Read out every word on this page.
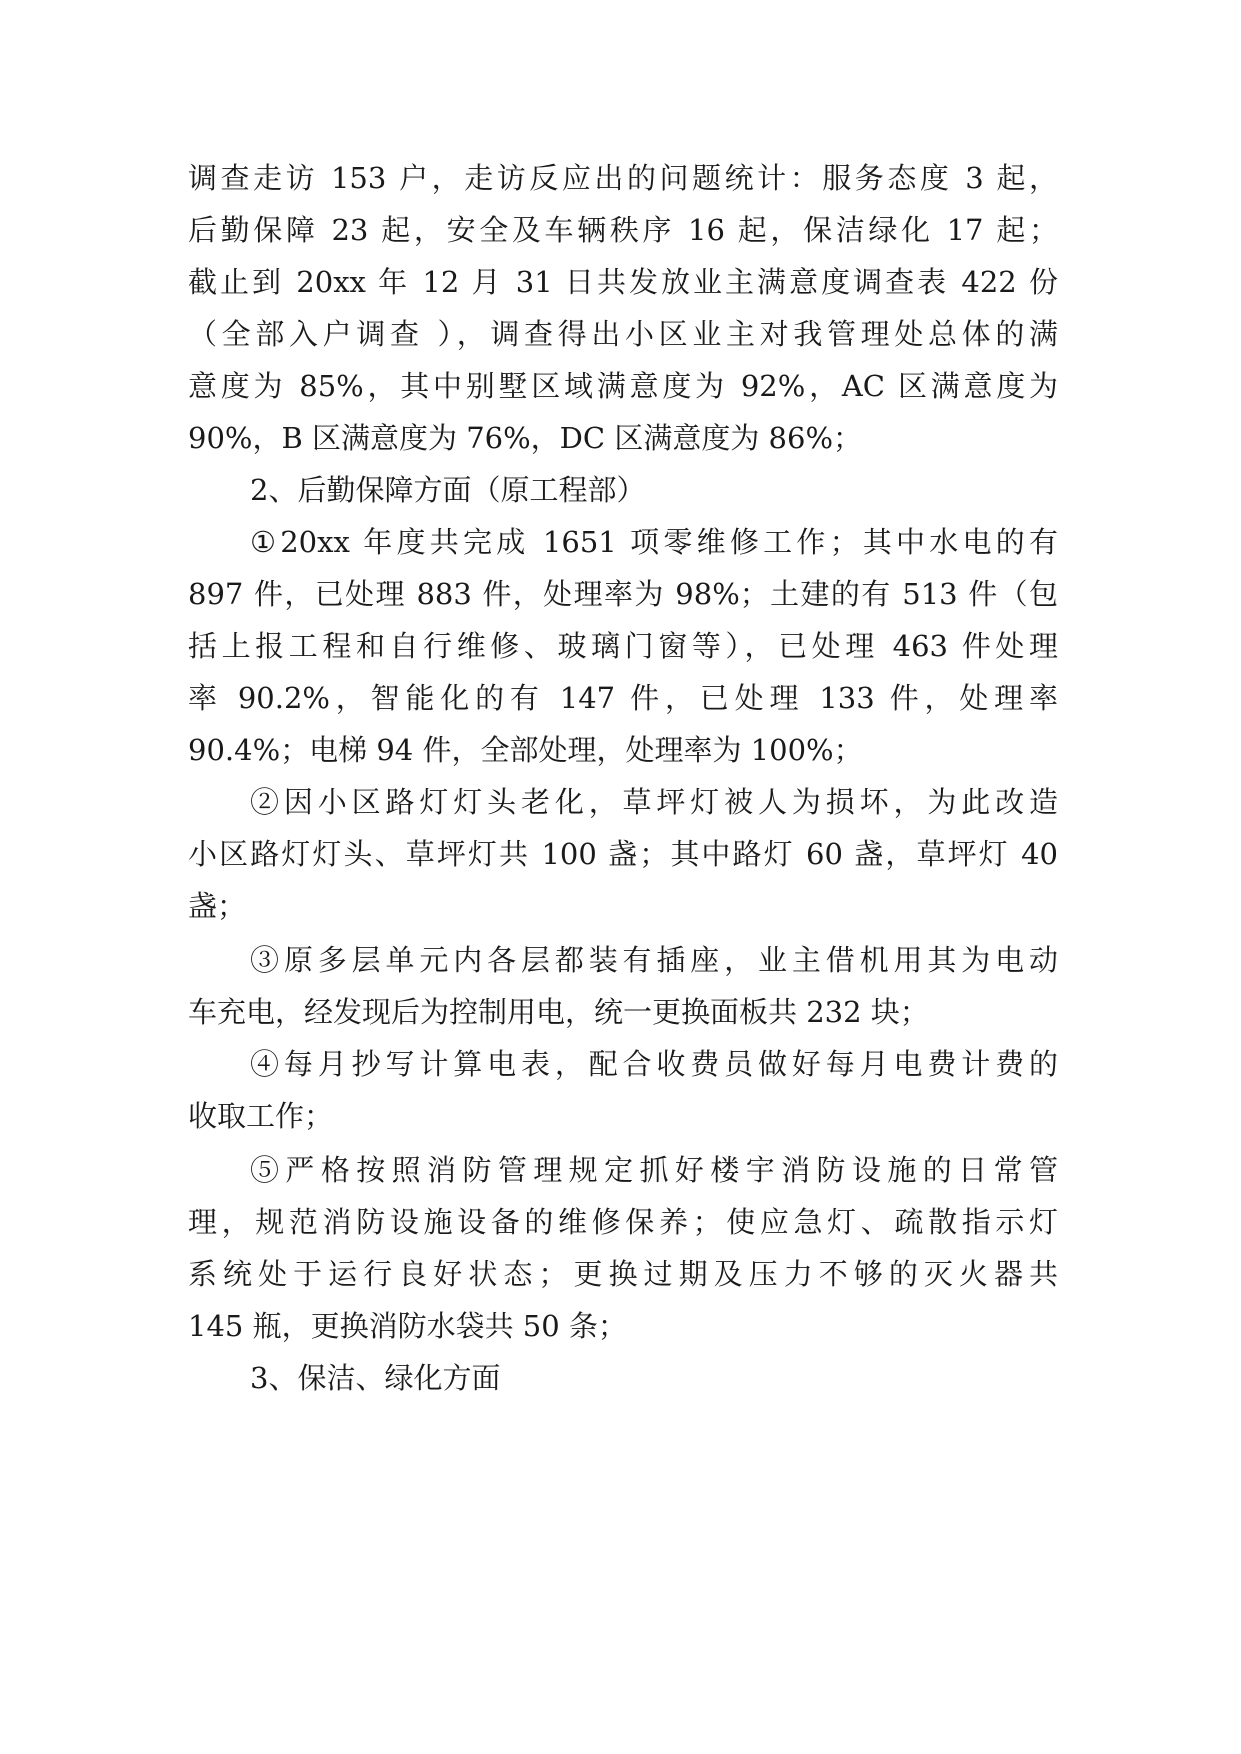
调查走访 153 户，走访反应出的问题统计：服务态度 3 起，
后勤保障 23 起，安全及车辆秩序 16 起，保洁绿化 17 起；
截止到 20xx 年 12 月 31 日共发放业主满意度调查表 422 份
（全部入户调查 ），调查得出小区业主对我管理处总体的满
意度为 85%，其中别墅区域满意度为 92%，AC 区满意度为
90%，B 区满意度为 76%，DC 区满意度为 86%；
2、后勤保障方面（原工程部）
①20xx 年度共完成 1651 项零维修工作；其中水电的有
897 件，已处理 883 件，处理率为 98%；土建的有 513 件（包
括上报工程和自行维修、玻璃门窗等），已处理 463 件处理
率 90.2%，智能化的有 147 件，已处理 133 件，处理率
90.4%；电梯 94 件，全部处理，处理率为 100%；
②因小区路灯灯头老化，草坪灯被人为损坏，为此改造
小区路灯灯头、草坪灯共 100 盏；其中路灯 60 盏，草坪灯 40
盏；
③原多层单元内各层都装有插座，业主借机用其为电动
车充电，经发现后为控制用电，统一更换面板共 232 块；
④每月抄写计算电表，配合收费员做好每月电费计费的
收取工作；
⑤严格按照消防管理规定抓好楼宇消防设施的日常管
理，规范消防设施设备的维修保养；使应急灯、疏散指示灯
系统处于运行良好状态；更换过期及压力不够的灭火器共
145 瓶，更换消防水袋共 50 条；
3、保洁、绿化方面
